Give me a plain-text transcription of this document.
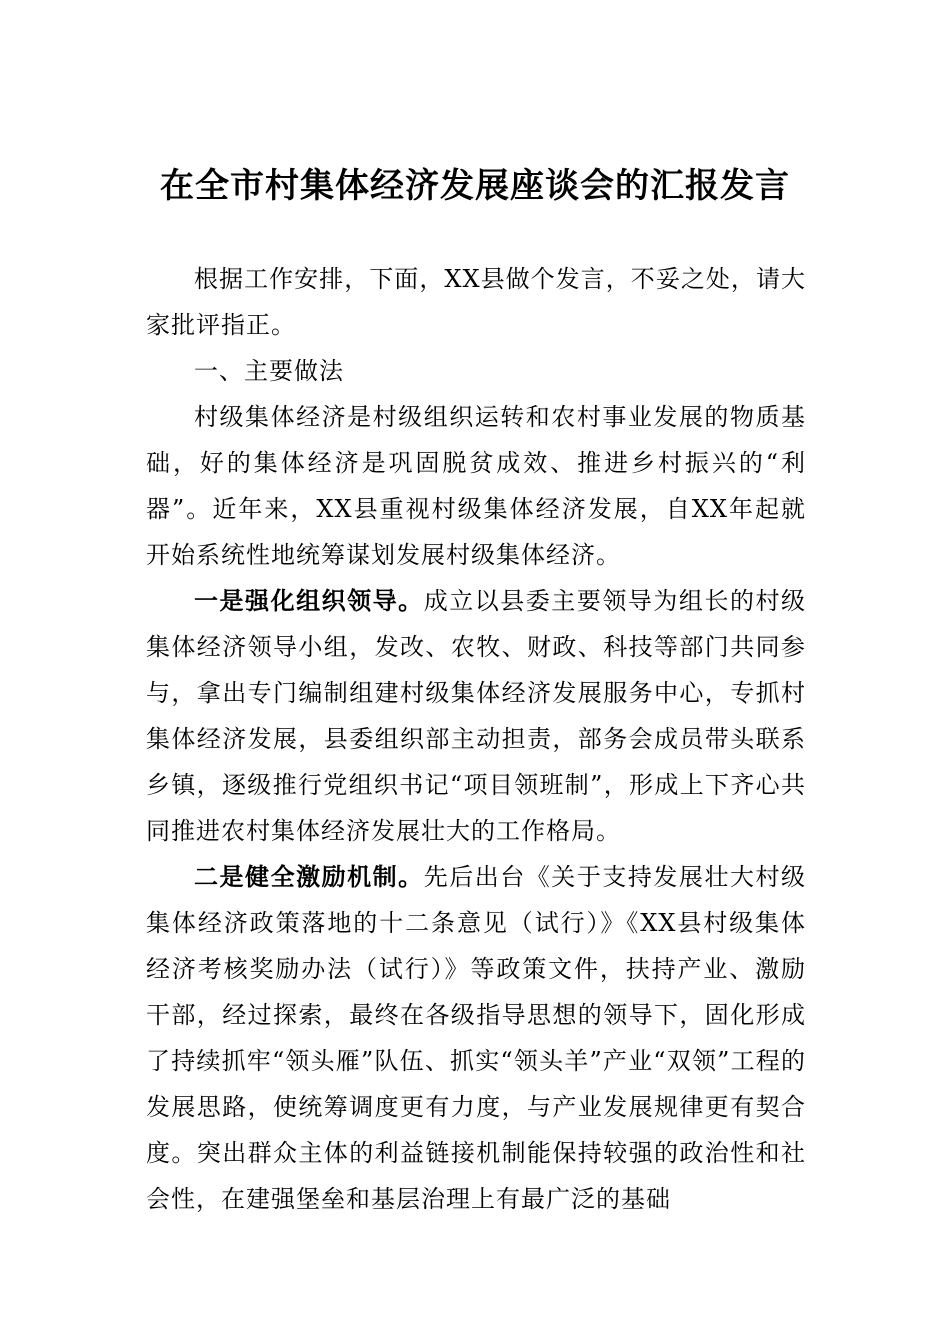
在全市村集体经济发展座谈会的汇报发言

根据工作安排，下面，XX县做个发言，不妥之处，请大家批评指正。

一、主要做法

村级集体经济是村级组织运转和农村事业发展的物质基础，好的集体经济是巩固脱贫成效、推进乡村振兴的“利器”。近年来，XX县重视村级集体经济发展，自XX年起就开始系统性地统筹谋划发展村级集体经济。

一是强化组织领导。成立以县委主要领导为组长的村级集体经济领导小组，发改、农牧、财政、科技等部门共同参与，拿出专门编制组建村级集体经济发展服务中心，专抓村集体经济发展，县委组织部主动担责，部务会成员带头联系乡镇，逐级推行党组织书记“项目领班制”，形成上下齐心共同推进农村集体经济发展壮大的工作格局。

二是健全激励机制。先后出台《关于支持发展壮大村级集体经济政策落地的十二条意见（试行）》《XX县村级集体经济考核奖励办法（试行）》等政策文件，扶持产业、激励干部，经过探索，最终在各级指导思想的领导下，固化形成了持续抓牢“领头雁”队伍、抓实“领头羊”产业“双领”工程的发展思路，使统筹调度更有力度，与产业发展规律更有契合度。突出群众主体的利益链接机制能保持较强的政治性和社会性，在建强堡垒和基层治理上有最广泛的基础
